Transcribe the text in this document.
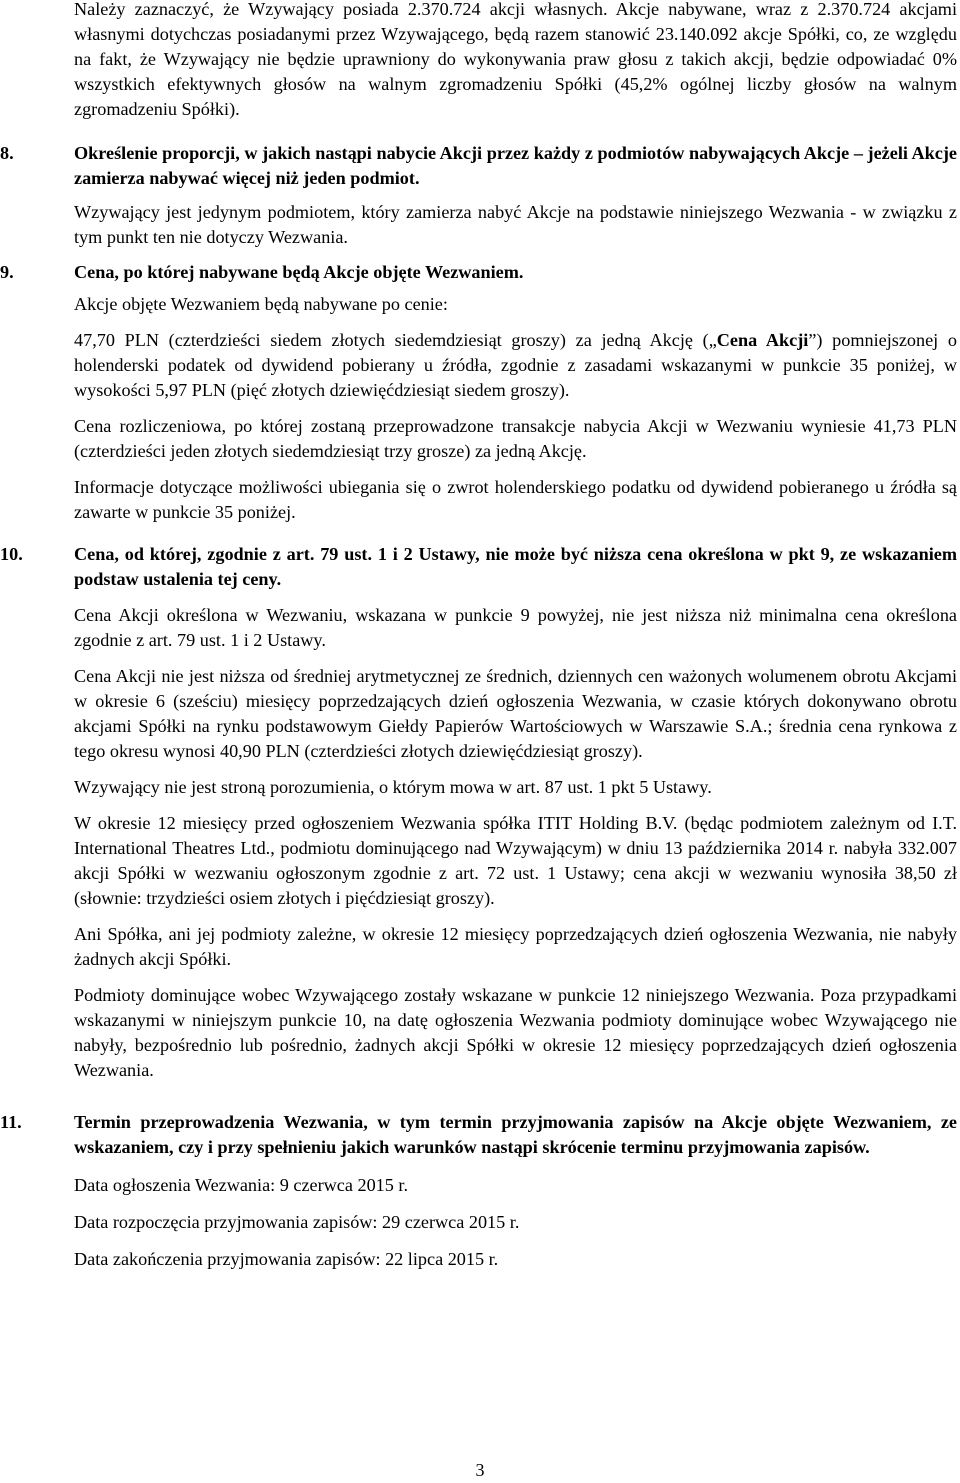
Należy zaznaczyć, że Wzywający posiada 2.370.724 akcji własnych. Akcje nabywane, wraz z 2.370.724 akcjami własnymi dotychczas posiadanymi przez Wzywającego, będą razem stanowić 23.140.092 akcje Spółki, co, ze względu na fakt, że Wzywający nie będzie uprawniony do wykonywania praw głosu z takich akcji, będzie odpowiadać 0% wszystkich efektywnych głosów na walnym zgromadzeniu Spółki (45,2% ogólnej liczby głosów na walnym zgromadzeniu Spółki).

8.	Określenie proporcji, w jakich nastąpi nabycie Akcji przez każdy z podmiotów nabywających Akcje – jeżeli Akcje zamierza nabywać więcej niż jeden podmiot.

Wzywający jest jedynym podmiotem, który zamierza nabyć Akcje na podstawie niniejszego Wezwania - w związku z tym punkt ten nie dotyczy Wezwania.

9.	Cena, po której nabywane będą Akcje objęte Wezwaniem.

Akcje objęte Wezwaniem będą nabywane po cenie:

47,70 PLN (czterdzieści siedem złotych siedemdziesiąt groszy) za jedną Akcję („Cena Akcji”) pomniejszonej o holenderski podatek od dywidend pobierany u źródła, zgodnie z zasadami wskazanymi w punkcie 35 poniżej, w wysokości 5,97 PLN (pięć złotych dziewięćdziesiąt siedem groszy).

Cena rozliczeniowa, po której zostaną przeprowadzone transakcje nabycia Akcji w Wezwaniu wyniesie 41,73 PLN (czterdzieści jeden złotych siedemdziesiąt trzy grosze) za jedną Akcję.

Informacje dotyczące możliwości ubiegania się o zwrot holenderskiego podatku od dywidend pobieranego u źródła są zawarte w punkcie 35 poniżej.

10.	Cena, od której, zgodnie z art. 79 ust. 1 i 2 Ustawy, nie może być niższa cena określona w pkt 9, ze wskazaniem podstaw ustalenia tej ceny.

Cena Akcji określona w Wezwaniu, wskazana w punkcie 9 powyżej, nie jest niższa niż minimalna cena określona zgodnie z art. 79 ust. 1 i 2 Ustawy.

Cena Akcji nie jest niższa od średniej arytmetycznej ze średnich, dziennych cen ważonych wolumenem obrotu Akcjami w okresie 6 (sześciu) miesięcy poprzedzających dzień ogłoszenia Wezwania, w czasie których dokonywano obrotu akcjami Spółki na rynku podstawowym Giełdy Papierów Wartościowych w Warszawie S.A.; średnia cena rynkowa z tego okresu wynosi 40,90 PLN (czterdzieści złotych dziewięćdziesiąt groszy).

Wzywający nie jest stroną porozumienia, o którym mowa w art. 87 ust. 1 pkt 5 Ustawy.

W okresie 12 miesięcy przed ogłoszeniem Wezwania spółka ITIT Holding B.V. (będąc podmiotem zależnym od I.T. International Theatres Ltd., podmiotu dominującego nad Wzywającym) w dniu 13 października 2014 r. nabyła 332.007 akcji Spółki w wezwaniu ogłoszonym zgodnie z art. 72 ust. 1 Ustawy; cena akcji w wezwaniu wynosiła 38,50 zł (słownie: trzydzieści osiem złotych i pięćdziesiąt groszy).

Ani Spółka, ani jej podmioty zależne, w okresie 12 miesięcy poprzedzających dzień ogłoszenia Wezwania, nie nabyły żadnych akcji Spółki.

Podmioty dominujące wobec Wzywającego zostały wskazane w punkcie 12 niniejszego Wezwania. Poza przypadkami wskazanymi w niniejszym punkcie 10, na datę ogłoszenia Wezwania podmioty dominujące wobec Wzywającego nie nabyły, bezpośrednio lub pośrednio, żadnych akcji Spółki w okresie 12 miesięcy poprzedzających dzień ogłoszenia Wezwania.

11.	Termin przeprowadzenia Wezwania, w tym termin przyjmowania zapisów na Akcje objęte Wezwaniem, ze wskazaniem, czy i przy spełnieniu jakich warunków nastąpi skrócenie terminu przyjmowania zapisów.

Data ogłoszenia Wezwania: 9 czerwca 2015 r.

Data rozpoczęcia przyjmowania zapisów: 29 czerwca 2015 r.

Data zakończenia przyjmowania zapisów: 22 lipca 2015 r.

3
